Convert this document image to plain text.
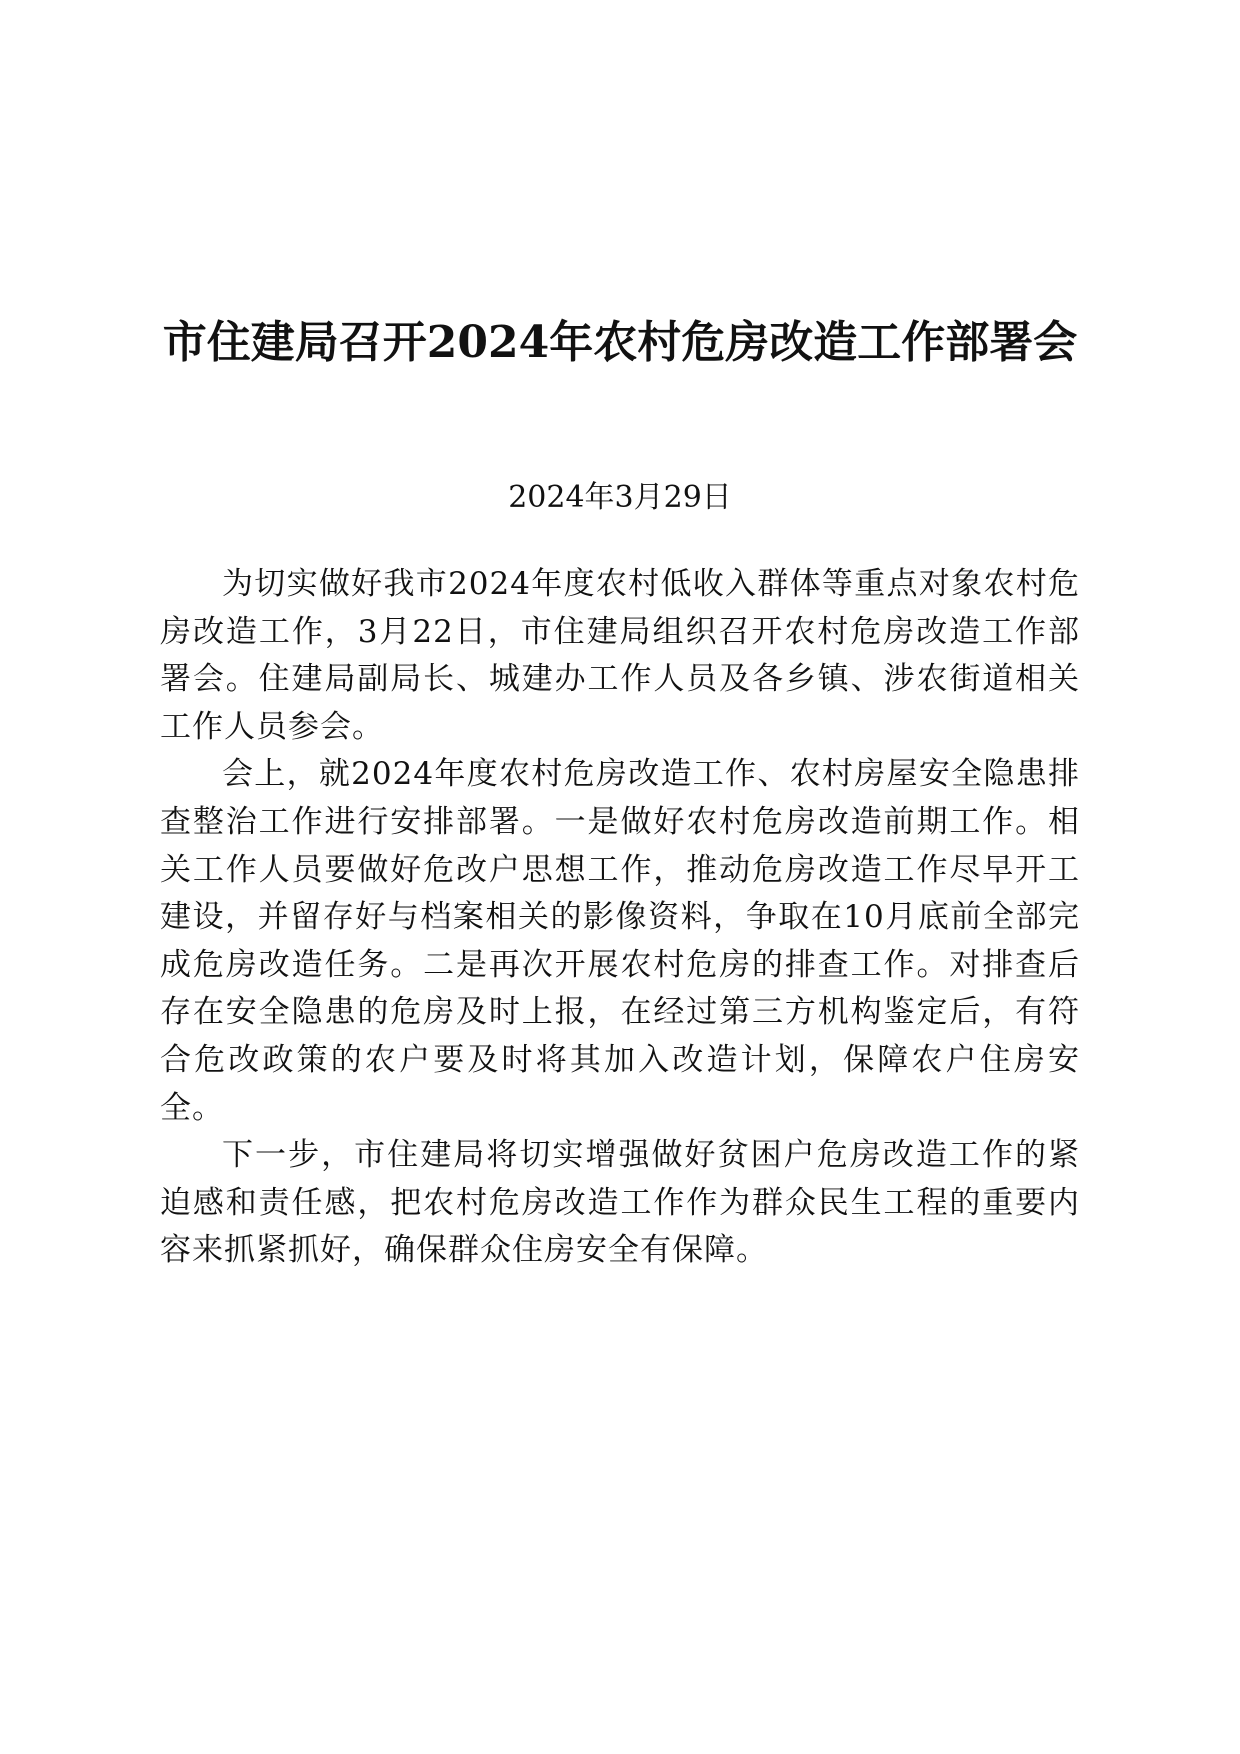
市住建局召开2024年农村危房改造工作部署会
2024年3月29日

为切实做好我市2024年度农村低收入群体等重点对象农村危房改造工作，3月22日，市住建局组织召开农村危房改造工作部署会。住建局副局长、城建办工作人员及各乡镇、涉农街道相关工作人员参会。

会上，就2024年度农村危房改造工作、农村房屋安全隐患排查整治工作进行安排部署。一是做好农村危房改造前期工作。相关工作人员要做好危改户思想工作，推动危房改造工作尽早开工建设，并留存好与档案相关的影像资料，争取在10月底前全部完成危房改造任务。二是再次开展农村危房的排查工作。对排查后存在安全隐患的危房及时上报，在经过第三方机构鉴定后，有符合危改政策的农户要及时将其加入改造计划，保障农户住房安全。

下一步，市住建局将切实增强做好贫困户危房改造工作的紧迫感和责任感，把农村危房改造工作作为群众民生工程的重要内容来抓紧抓好，确保群众住房安全有保障。
